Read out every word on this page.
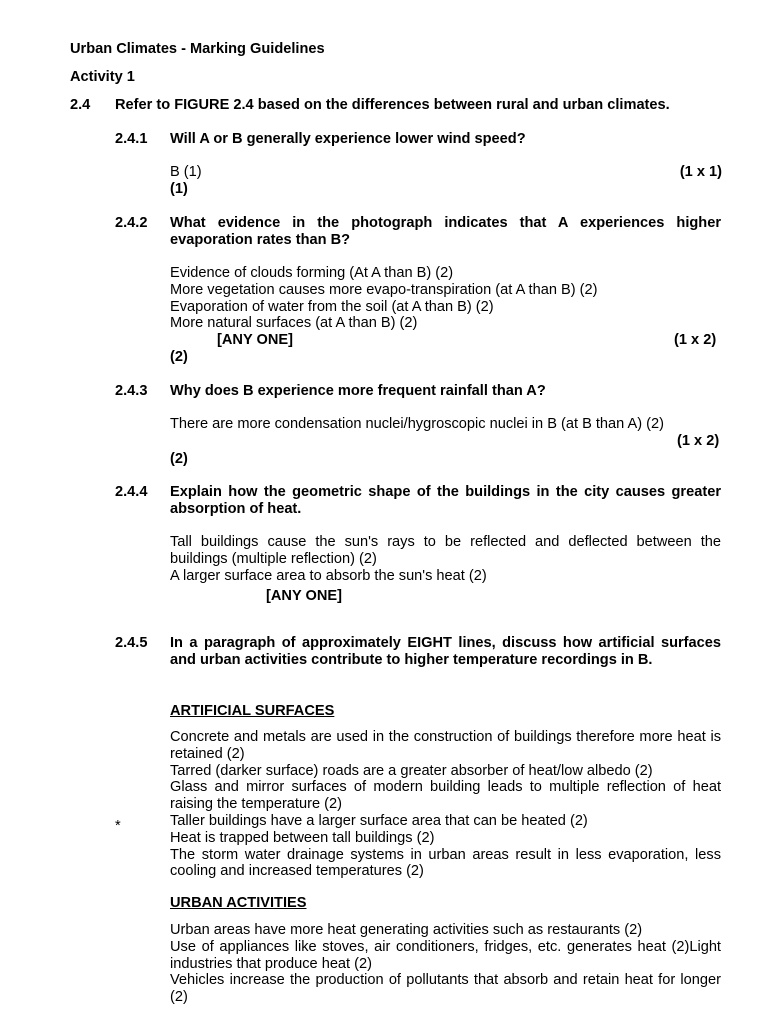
Urban Climates - Marking Guidelines
Activity 1
2.4 Refer to FIGURE 2.4 based on the differences between rural and urban climates.
2.4.1 Will A or B generally experience lower wind speed?
B (1)	(1 x 1)
(1)
2.4.2 What evidence in the photograph indicates that A experiences higher evaporation rates than B?
Evidence of clouds forming (At A than B) (2)
More vegetation causes more evapo-transpiration (at A than B) (2)
Evaporation of water from the soil (at A than B) (2)
More natural surfaces (at A than B) (2)
[ANY ONE]	(1 x 2)
(2)
2.4.3 Why does B experience more frequent rainfall than A?
There are more condensation nuclei/hygroscopic nuclei in B (at B than A) (2)
(1 x 2)
(2)
2.4.4 Explain how the geometric shape of the buildings in the city causes greater absorption of heat.
Tall buildings cause the sun's rays to be reflected and deflected between the buildings (multiple reflection) (2)
A larger surface area to absorb the sun's heat (2)
[ANY ONE]
2.4.5 In a paragraph of approximately EIGHT lines, discuss how artificial surfaces and urban activities contribute to higher temperature recordings in B.
ARTIFICIAL SURFACES
Concrete and metals are used in the construction of buildings therefore more heat is retained (2)
Tarred (darker surface) roads are a greater absorber of heat/low albedo (2)
Glass and mirror surfaces of modern building leads to multiple reflection of heat raising the temperature (2)
Taller buildings have a larger surface area that can be heated (2)
Heat is trapped between tall buildings (2)
The storm water drainage systems in urban areas result in less evaporation, less cooling and increased temperatures (2)
*
URBAN ACTIVITIES
Urban areas have more heat generating activities such as restaurants (2)
Use of appliances like stoves, air conditioners, fridges, etc. generates heat (2)Light industries that produce heat (2)
Vehicles increase the production of pollutants that absorb and retain heat for longer (2)
